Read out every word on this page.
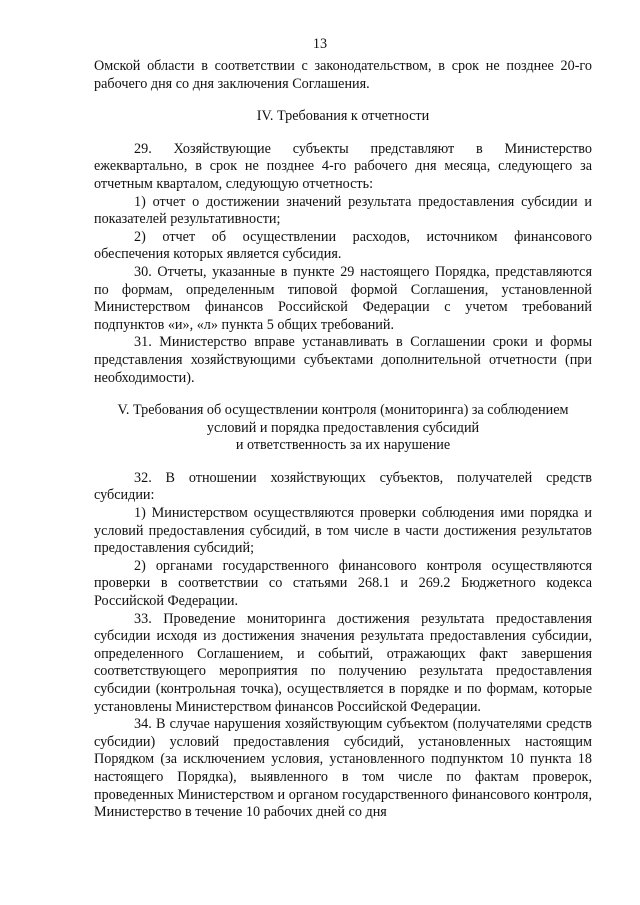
13

Омской области в соответствии с законодательством, в срок не позднее 20-го рабочего дня со дня заключения Соглашения.

IV. Требования к отчетности

29. Хозяйствующие субъекты представляют в Министерство ежеквартально, в срок не позднее 4-го рабочего дня месяца, следующего за отчетным кварталом, следующую отчетность:

1) отчет о достижении значений результата предоставления субсидии и показателей результативности;

2) отчет об осуществлении расходов, источником финансового обеспечения которых является субсидия.

30. Отчеты, указанные в пункте 29 настоящего Порядка, представляются по формам, определенным типовой формой Соглашения, установленной Министерством финансов Российской Федерации с учетом требований подпунктов «и», «л» пункта 5 общих требований.

31. Министерство вправе устанавливать в Соглашении сроки и формы представления хозяйствующими субъектами дополнительной отчетности (при необходимости).

V. Требования об осуществлении контроля (мониторинга) за соблюдением
условий и порядка предоставления субсидий
и ответственность за их нарушение

32. В отношении хозяйствующих субъектов, получателей средств субсидии:

1) Министерством осуществляются проверки соблюдения ими порядка и условий предоставления субсидий, в том числе в части достижения результатов предоставления субсидий;

2) органами государственного финансового контроля осуществляются проверки в соответствии со статьями 268.1 и 269.2 Бюджетного кодекса Российской Федерации.

33. Проведение мониторинга достижения результата предоставления субсидии исходя из достижения значения результата предоставления субсидии, определенного Соглашением, и событий, отражающих факт завершения соответствующего мероприятия по получению результата предоставления субсидии (контрольная точка), осуществляется в порядке и по формам, которые установлены Министерством финансов Российской Федерации.

34. В случае нарушения хозяйствующим субъектом (получателями средств субсидии) условий предоставления субсидий, установленных настоящим Порядком (за исключением условия, установленного подпунктом 10 пункта 18 настоящего Порядка), выявленного в том числе по фактам проверок, проведенных Министерством и органом государственного финансового контроля, Министерство в течение 10 рабочих дней со дня
